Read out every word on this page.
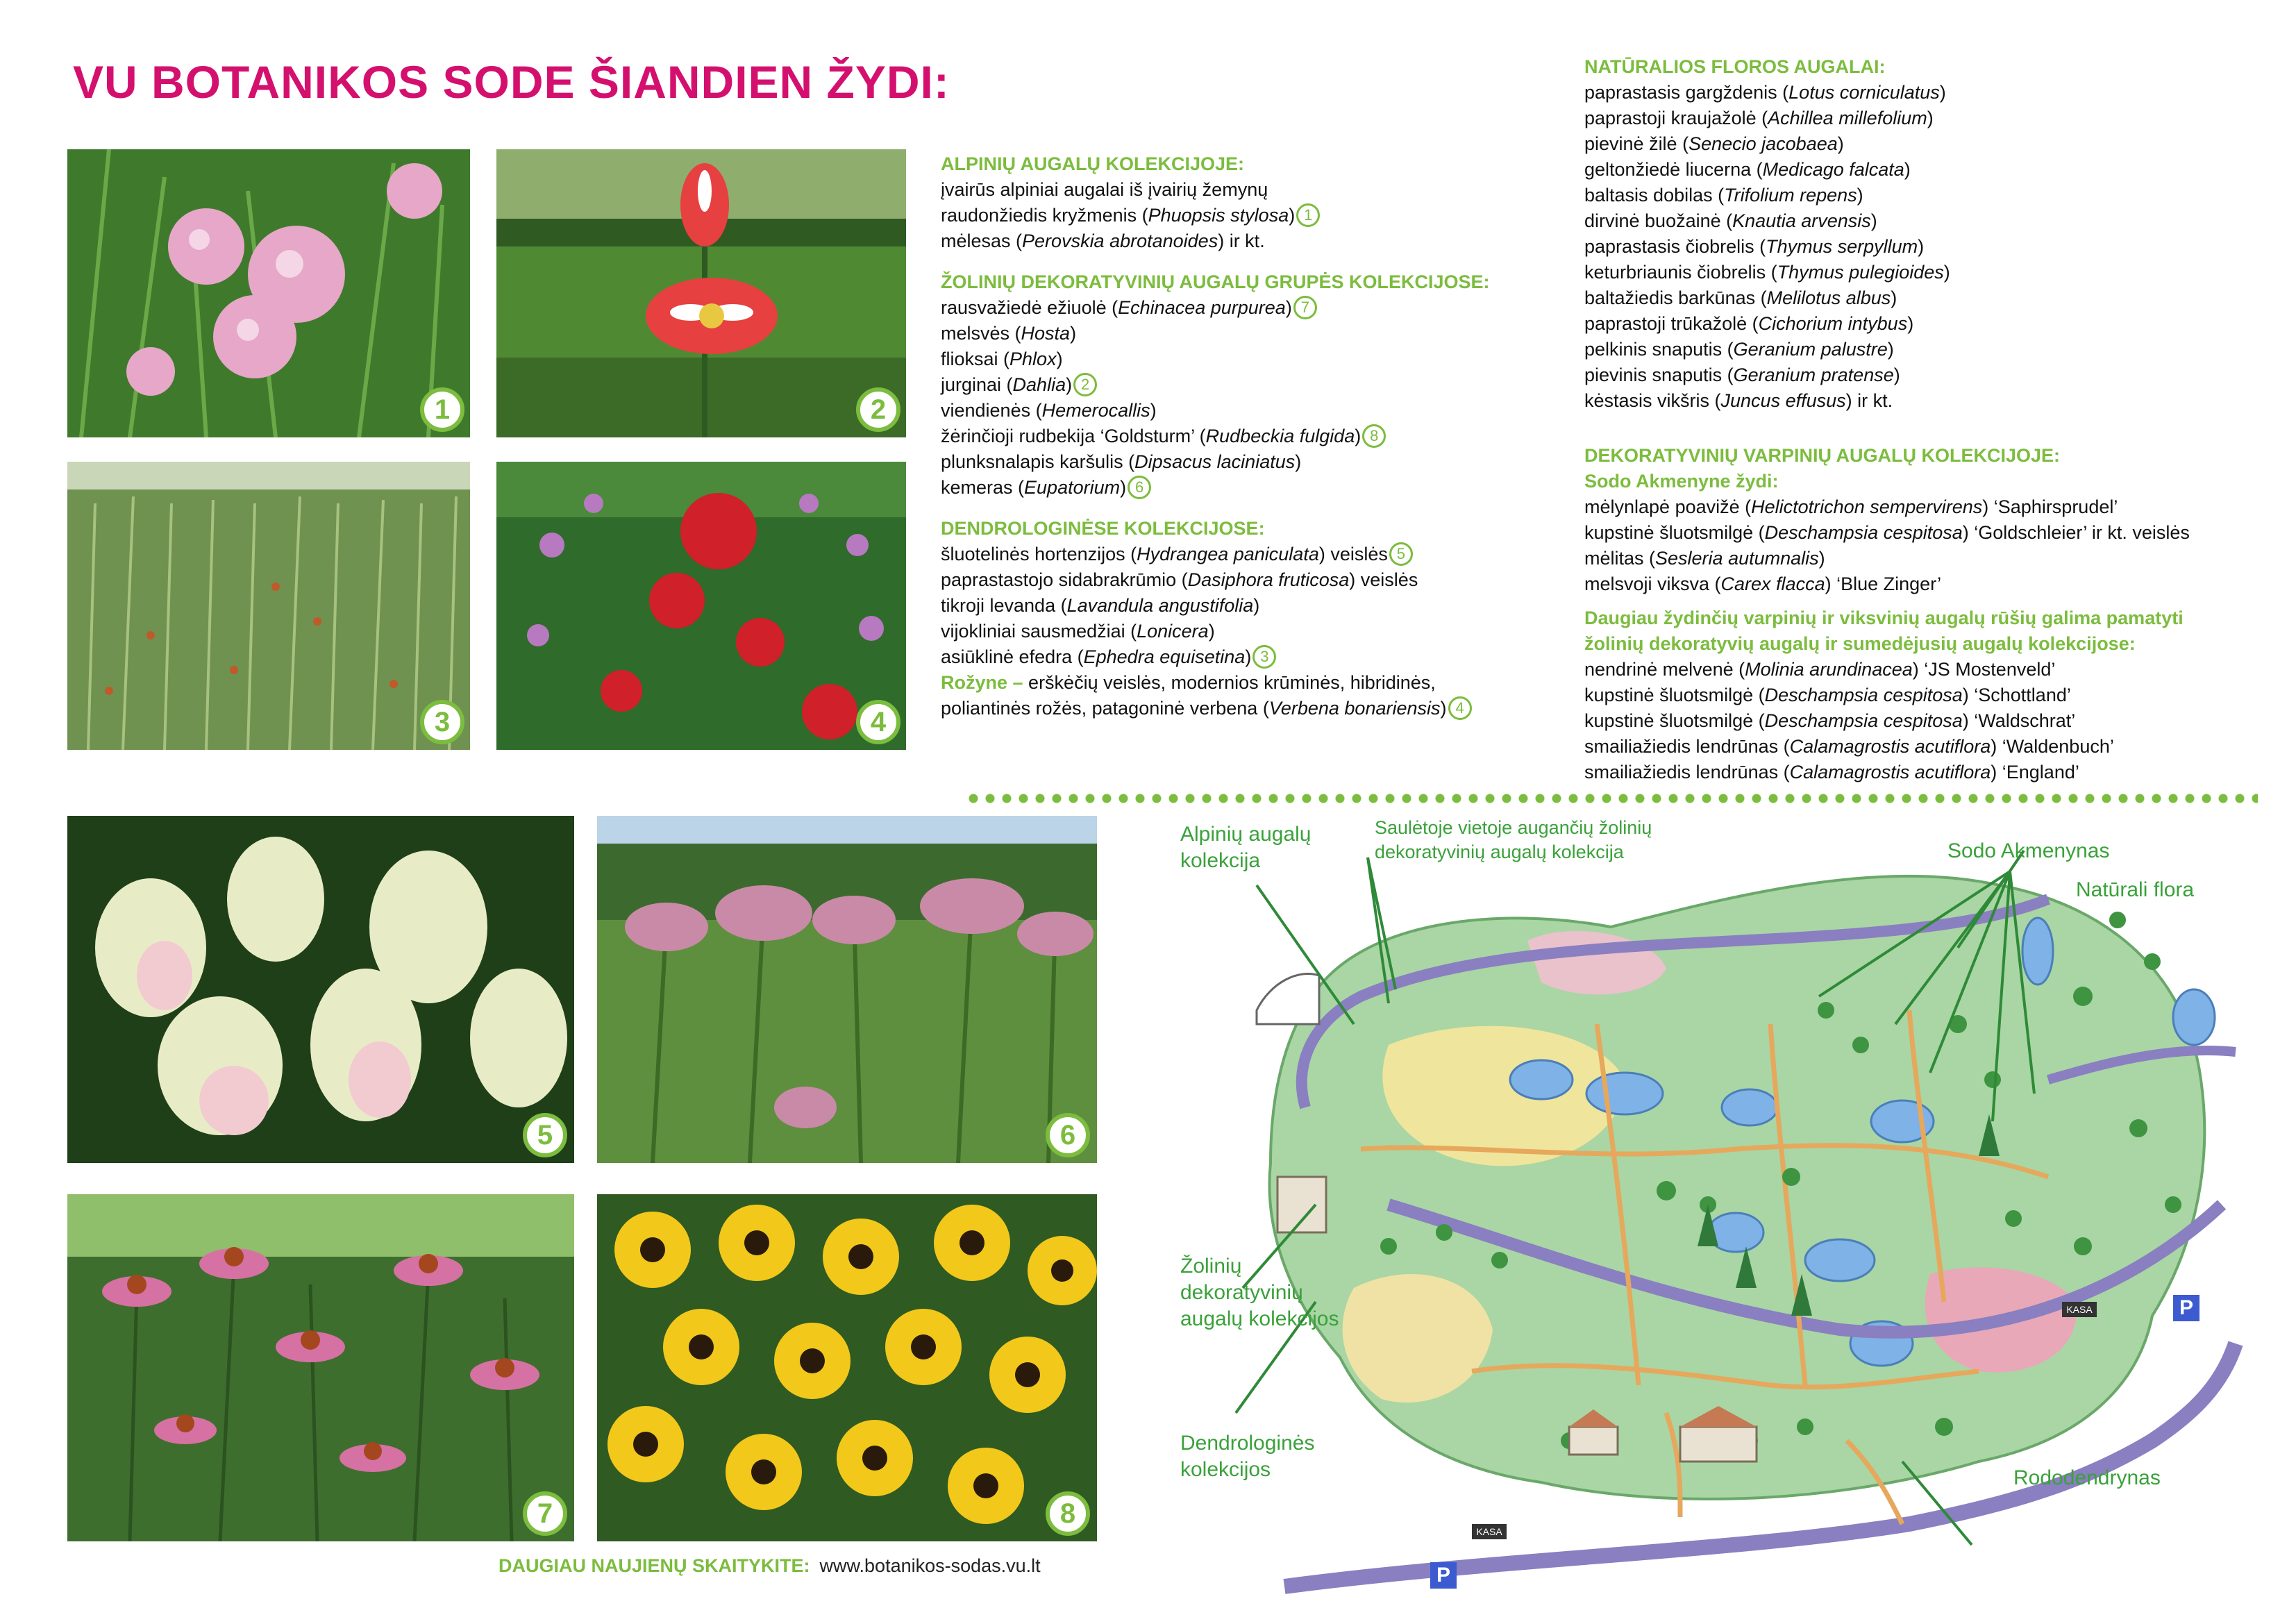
VU BOTANIKOS SODE ŠIANDIEN ŽYDI:
1	2
3	4
5	6
7	8
ALPINIŲ AUGALŲ KOLEKCIJOJE:
įvairūs alpiniai augalai iš įvairių žemynų
raudonžiedis kryžmenis (Phuopsis stylosa) 1
mėlesas (Perovskia abrotanoides) ir kt.
ŽOLINIŲ DEKORATYVINIŲ AUGALŲ GRUPĖS KOLEKCIJOSE:
rausvažiedė ežiuolė (Echinacea purpurea) 7
melsvės (Hosta)
flioksai (Phlox)
jurginai (Dahlia) 2
viendienės (Hemerocallis)
žėrinčioji rudbekija ‘Goldsturm’ (Rudbeckia fulgida) 8
plunksnalapis karšulis (Dipsacus laciniatus)
kemeras (Eupatorium) 6
DENDROLOGINĖSE KOLEKCIJOSE:
šluotelinės hortenzijos (Hydrangea paniculata) veislės 5
paprastastojo sidabrakrūmio (Dasiphora fruticosa) veislės
tikroji levanda (Lavandula angustifolia)
vijokliniai sausmedžiai (Lonicera)
asiūklinė efedra (Ephedra equisetina) 3
Rožyne – erškėčių veislės, modernios krūminės, hibridinės,
poliantinės rožės, patagoninė verbena (Verbena bonariensis) 4
NATŪRALIOS FLOROS AUGALAI:
paprastasis gargždenis (Lotus corniculatus)
paprastoji kraujažolė (Achillea millefolium)
pievinė žilė (Senecio jacobaea)
geltonžiedė liucerna (Medicago falcata)
baltasis dobilas (Trifolium repens)
dirvinė buožainė (Knautia arvensis)
paprastasis čiobrelis (Thymus serpyllum)
keturbriaunis čiobrelis (Thymus pulegioides)
baltažiedis barkūnas (Melilotus albus)
paprastoji trūkažolė (Cichorium intybus)
pelkinis snaputis (Geranium palustre)
pievinis snaputis (Geranium pratense)
kėstasis vikšris (Juncus effusus) ir kt.
DEKORATYVINIŲ VARPINIŲ AUGALŲ KOLEKCIJOJE:
Sodo Akmenyne žydi:
mėlynlapė poavižė (Helictotrichon sempervirens) ‘Saphirsprudel’
kupstinė šluotsmilgė (Deschampsia cespitosa) ‘Goldschleier’ ir kt. veislės
mėlitas (Sesleria autumnalis)
melsvoji viksva (Carex flacca) ‘Blue Zinger’
Daugiau žydinčių varpinių ir viksvinių augalų rūšių galima pamatyti
žolinių dekoratyvių augalų ir sumedėjusių augalų kolekcijose:
nendrinė melvenė (Molinia arundinacea) ‘JS Mostenveld’
kupstinė šluotsmilgė (Deschampsia cespitosa) ‘Schottland’
kupstinė šluotsmilgė (Deschampsia cespitosa) ‘Waldschrat’
smailiažiedis lendrūnas (Calamagrostis acutiflora) ‘Waldenbuch’
smailiažiedis lendrūnas (Calamagrostis acutiflora) ‘England’
DAUGIAU NAUJIENŲ SKAITYKITE: www.botanikos-sodas.vu.lt
Alpinių augalų
kolekcija
Saulėtoje vietoje augančių žolinių
dekoratyvinių augalų kolekcija	Sodo Akmenynas
Natūrali flora
Žolinių
dekoratyvinių
augalų kolekcijos
Dendrologinės
kolekcijos	Rododendrynas
P
P
KASA
KASA
